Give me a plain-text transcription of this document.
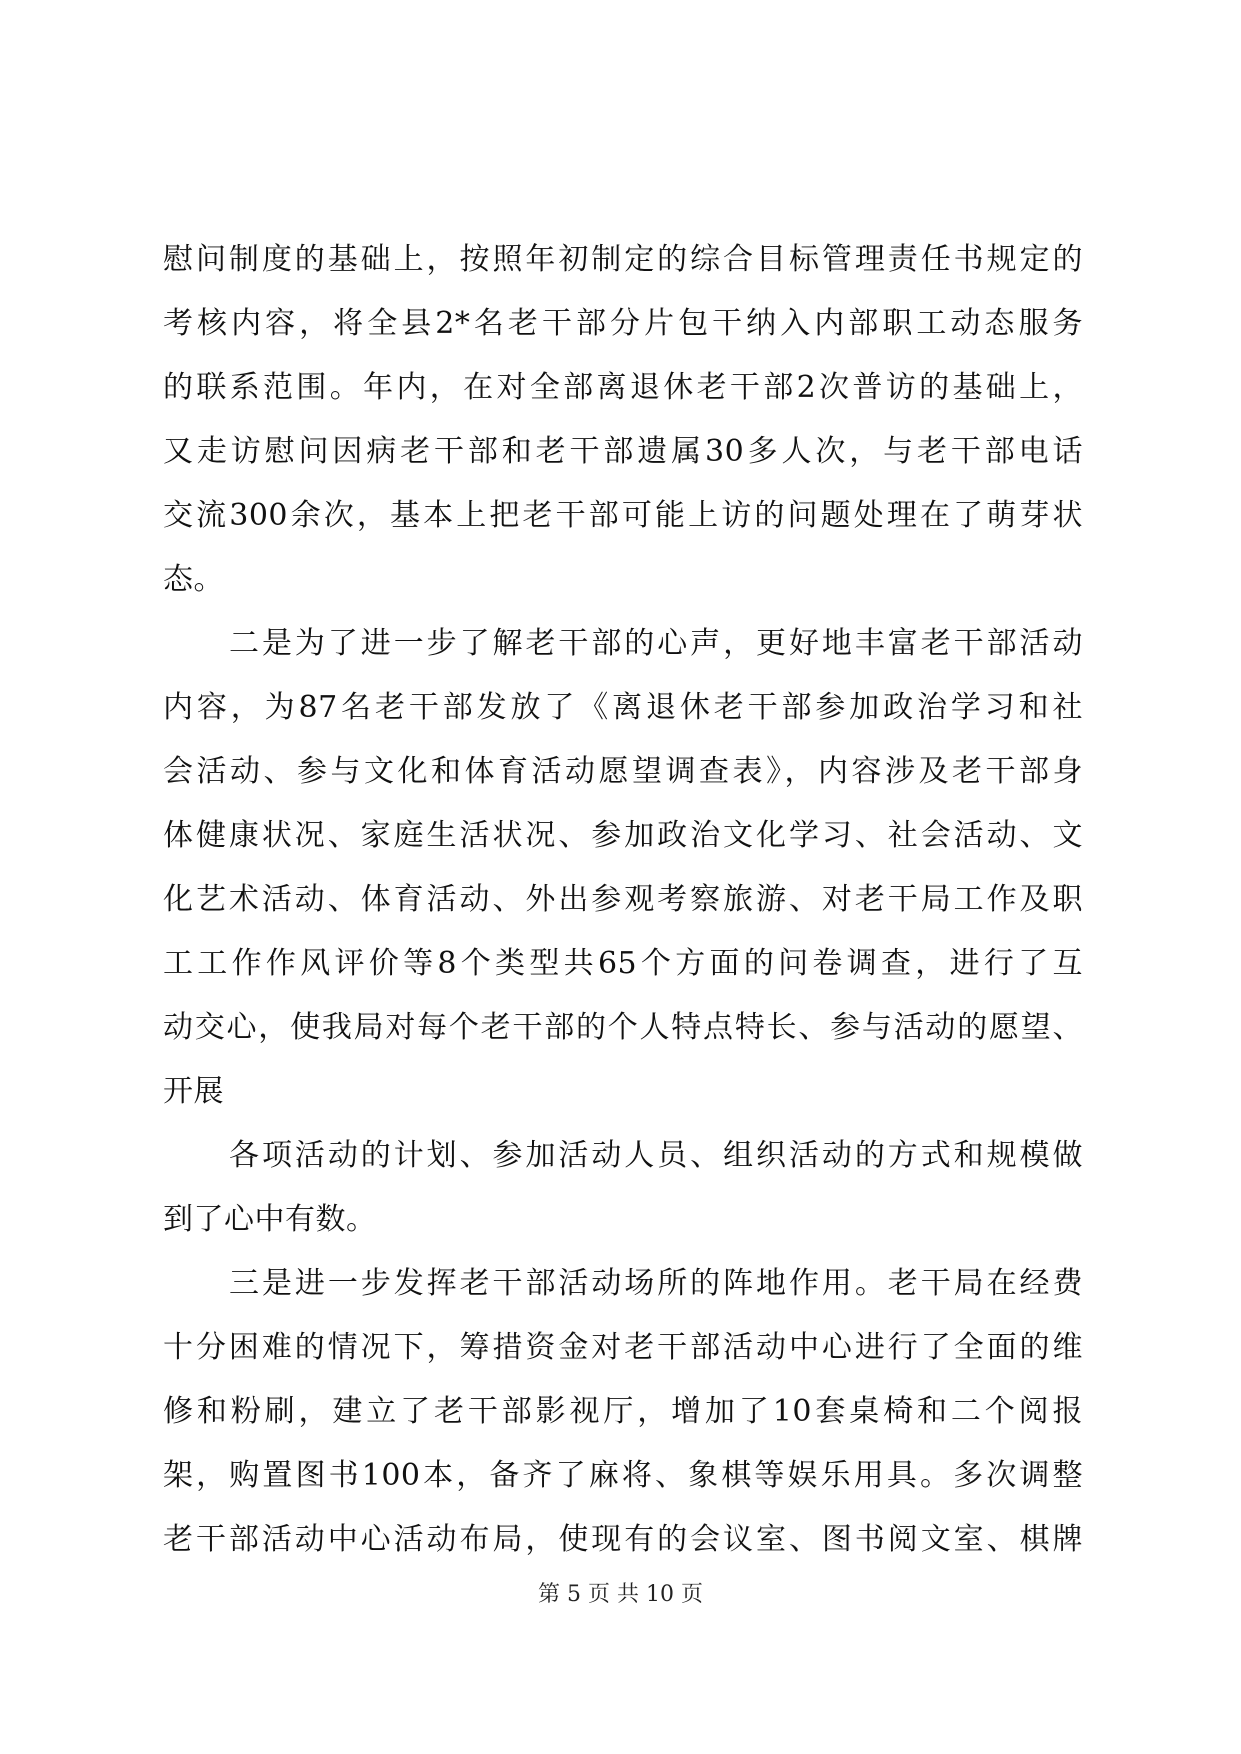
慰问制度的基础上，按照年初制定的综合目标管理责任书规定的
考核内容，将全县2*名老干部分片包干纳入内部职工动态服务
的联系范围。年内，在对全部离退休老干部2次普访的基础上，
又走访慰问因病老干部和老干部遗属30多人次，与老干部电话
交流300余次，基本上把老干部可能上访的问题处理在了萌芽状
态。
二是为了进一步了解老干部的心声，更好地丰富老干部活动
内容，为87名老干部发放了《离退休老干部参加政治学习和社
会活动、参与文化和体育活动愿望调查表》，内容涉及老干部身
体健康状况、家庭生活状况、参加政治文化学习、社会活动、文
化艺术活动、体育活动、外出参观考察旅游、对老干局工作及职
工工作作风评价等8个类型共65个方面的问卷调查，进行了互
动交心，使我局对每个老干部的个人特点特长、参与活动的愿望、
开展
各项活动的计划、参加活动人员、组织活动的方式和规模做
到了心中有数。
三是进一步发挥老干部活动场所的阵地作用。老干局在经费
十分困难的情况下，筹措资金对老干部活动中心进行了全面的维
修和粉刷，建立了老干部影视厅，增加了10套桌椅和二个阅报
架，购置图书100本，备齐了麻将、象棋等娱乐用具。多次调整
老干部活动中心活动布局，使现有的会议室、图书阅文室、棋牌
第 5 页 共 10 页
